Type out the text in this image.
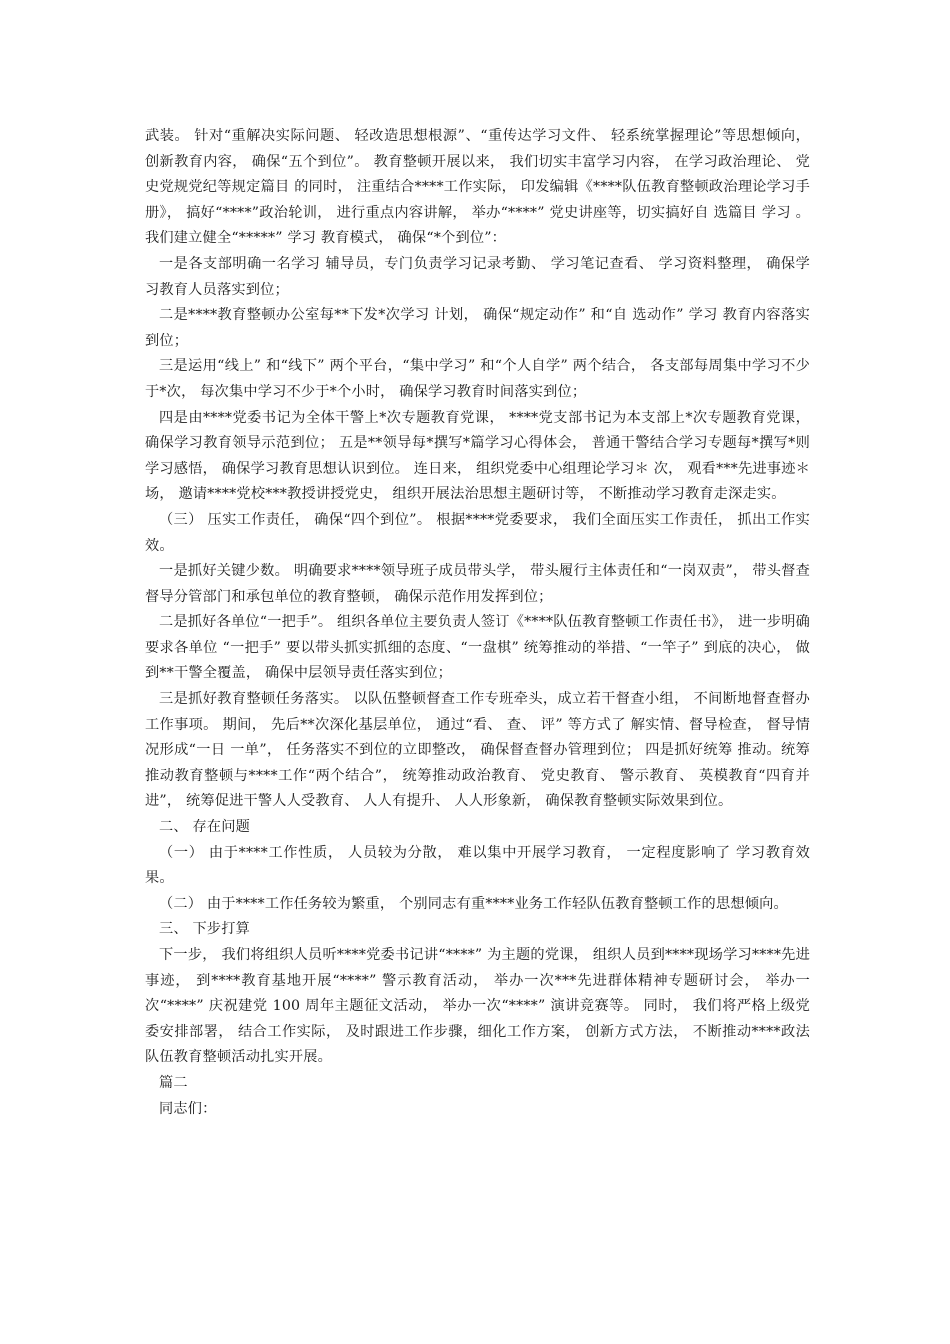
武装。 针对“重解决实际问题、 轻改造思想根源”、“重传达学习文件、 轻系统掌握理论”等思想倾向， 创新教育内容， 确保“五个到位”。 教育整顿开展以来， 我们切实丰富学习内容， 在学习政治理论、 党史党规党纪等规定篇目 的同时， 注重结合****工作实际， 印发编辑《****队伍教育整顿政治理论学习手册》， 搞好“****”政治轮训， 进行重点内容讲解， 举办“****” 党史讲座等，切实搞好自 选篇目 学习 。 我们建立健全“*****” 学习 教育模式， 确保“*个到位”：

一是各支部明确一名学习 辅导员，专门负责学习记录考勤、 学习笔记查看、 学习资料整理， 确保学习教育人员落实到位；

二是****教育整顿办公室每**下发*次学习 计划， 确保“规定动作” 和“自 选动作” 学习 教育内容落实到位；

三是运用“线上” 和“线下” 两个平台，“集中学习” 和“个人自学” 两个结合， 各支部每周集中学习不少于*次， 每次集中学习不少于*个小时， 确保学习教育时间落实到位；

四是由****党委书记为全体干警上*次专题教育党课， ****党支部书记为本支部上*次专题教育党课，确保学习教育领导示范到位； 五是**领导每*撰写*篇学习心得体会， 普通干警结合学习专题每*撰写*则学习感悟， 确保学习教育思想认识到位。 连日来， 组织党委中心组理论学习＊ 次， 观看***先进事迹＊ 场， 邀请****党校***教授讲授党史， 组织开展法治思想主题研讨等， 不断推动学习教育走深走实。

（三） 压实工作责任， 确保“四个到位”。 根据****党委要求， 我们全面压实工作责任， 抓出工作实效。

一是抓好关键少数。 明确要求****领导班子成员带头学， 带头履行主体责任和“一岗双责”， 带头督查督导分管部门和承包单位的教育整顿， 确保示范作用发挥到位；

二是抓好各单位“一把手”。 组织各单位主要负责人签订《****队伍教育整顿工作责任书》， 进一步明确要求各单位 “一把手” 要以带头抓实抓细的态度、“一盘棋” 统筹推动的举措、“一竿子” 到底的决心， 做到**干警全覆盖， 确保中层领导责任落实到位；

三是抓好教育整顿任务落实。 以队伍整顿督查工作专班牵头，成立若干督查小组， 不间断地督查督办工作事项。 期间， 先后**次深化基层单位， 通过“看、 查、 评” 等方式了 解实情、督导检查， 督导情况形成“一日 一单”， 任务落实不到位的立即整改， 确保督查督办管理到位； 四是抓好统筹 推动。统筹推动教育整顿与****工作“两个结合”， 统筹推动政治教育、 党史教育、 警示教育、 英模教育“四育并进”， 统筹促进干警人人受教育、 人人有提升、 人人形象新， 确保教育整顿实际效果到位。

二、 存在问题

（一） 由于****工作性质， 人员较为分散， 难以集中开展学习教育， 一定程度影响了 学习教育效果。

（二） 由于****工作任务较为繁重， 个别同志有重****业务工作轻队伍教育整顿工作的思想倾向。

三、 下步打算

下一步， 我们将组织人员听****党委书记讲“****” 为主题的党课， 组织人员到****现场学习****先进事迹， 到****教育基地开展“****” 警示教育活动， 举办一次***先进群体精神专题研讨会， 举办一次“****” 庆祝建党 100 周年主题征文活动， 举办一次“****” 演讲竞赛等。 同时， 我们将严格上级党委安排部署， 结合工作实际， 及时跟进工作步骤，细化工作方案， 创新方式方法， 不断推动****政法队伍教育整顿活动扎实开展。

篇二

同志们：
